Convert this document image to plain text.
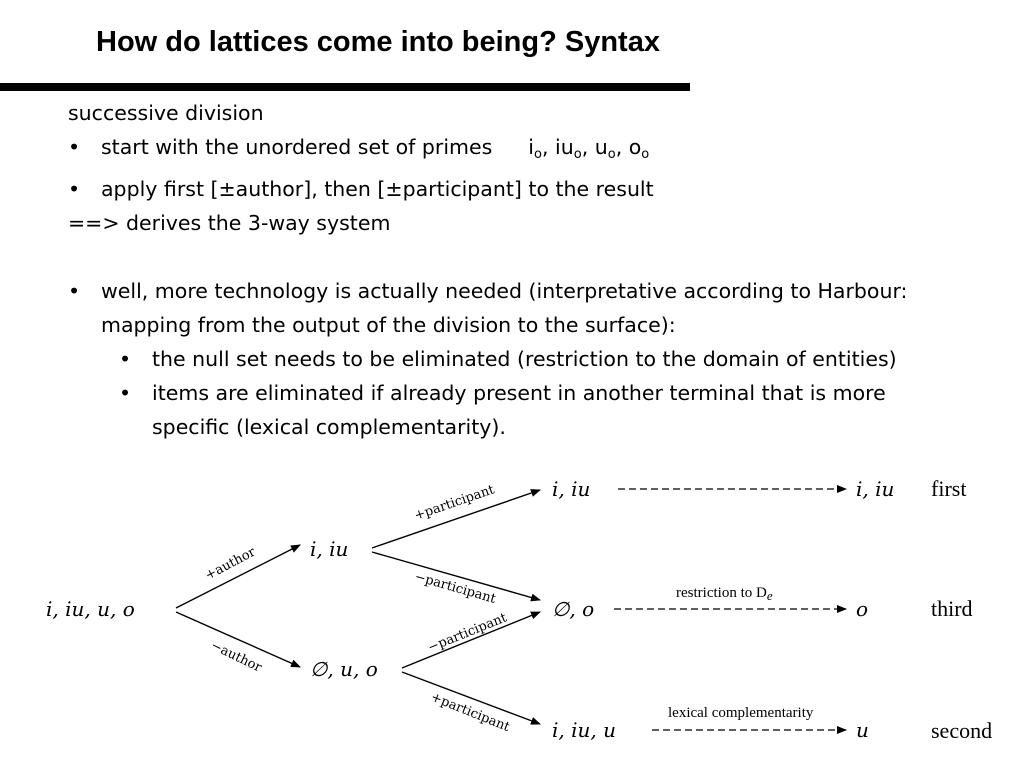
How do lattices come into being? Syntax
successive division
•	start with the unordered set of primes $i_o$, $iu_o$, $u_o$, $o_o$
•	apply first [±author], then [±participant] to the result
==> derives the 3-way system
•	well, more technology is actually needed (interpretative according to Harbour: mapping from the output of the division to the surface):
•	the null set needs to be eliminated (restriction to the domain of entities)
•	items are eliminated if already present in another terminal that is more specific (lexical complementarity).
i, iu, u, o
+author
−author
i, iu
∅, u, o
+participant
−participant
−participant
+participant
i, iu
∅, o
i, iu, u
restriction to De
lexical complementarity
i, iu
o
u
first
third
second
